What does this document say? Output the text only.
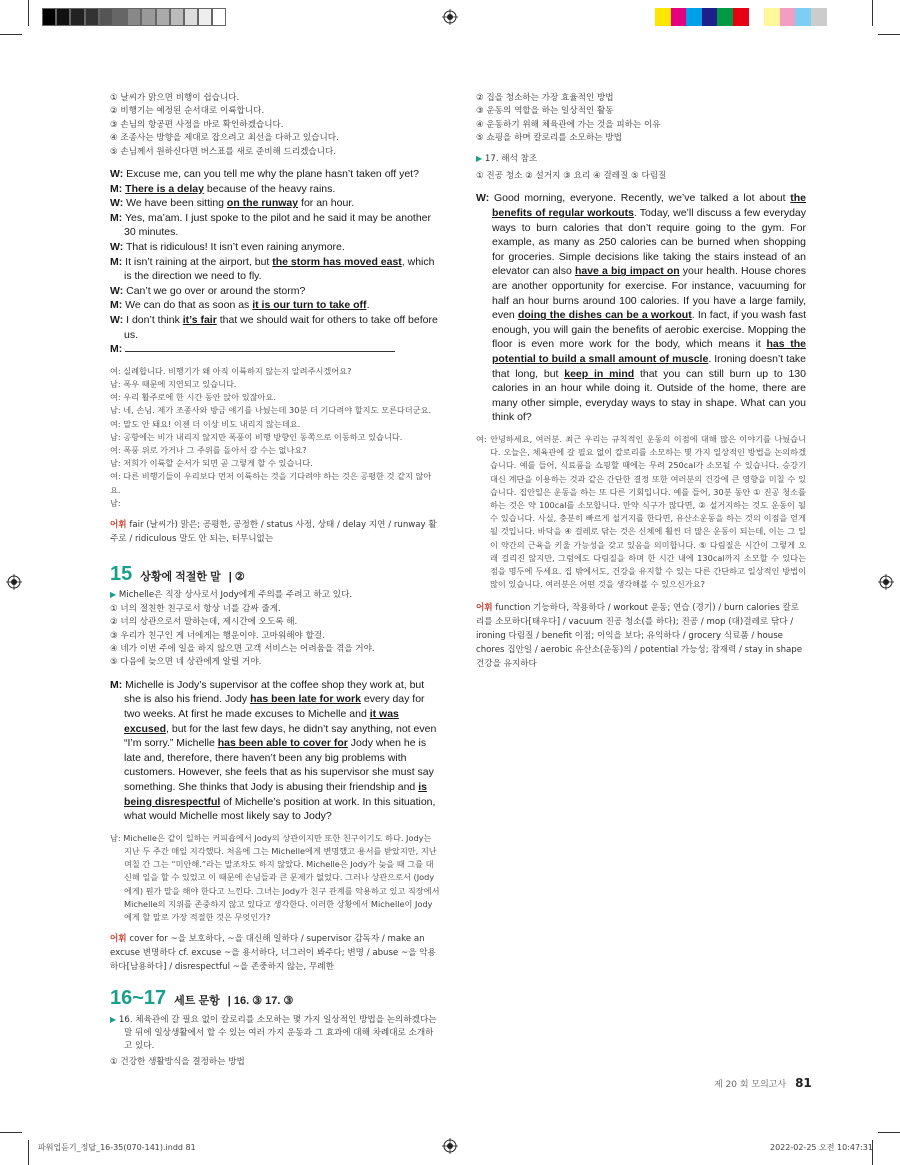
① 날씨가 맑으면 비행이 쉽습니다.

② 비행기는 예정된 순서대로 이륙합니다.

③ 손님의 항공편 사정을 바로 확인하겠습니다.

④ 조종사는 방향을 제대로 잡으려고 최선을 다하고 있습니다.

⑤ 손님께서 원하신다면 버스표를 새로 준비해 드리겠습니다.

W: Excuse me, can you tell me why the plane hasn’t taken off yet?

M: There is a delay because of the heavy rains.

W: We have been sitting on the runway for an hour.

M: Yes, ma’am. I just spoke to the pilot and he said it may be another 30 minutes.

W: That is ridiculous! It isn’t even raining anymore.

M: It isn’t raining at the airport, but the storm has moved east, which is the direction we need to fly.

W: Can’t we go over or around the storm?

M: We can do that as soon as it is our turn to take off.

W: I don’t think it’s fair that we should wait for others to take off before us.

M:

여: 실례합니다. 비행기가 왜 아직 이륙하지 않는지 알려주시겠어요?

남: 폭우 때문에 지연되고 있습니다.

여: 우리 활주로에 한 시간 동안 앉아 있잖아요.

남: 네, 손님. 제가 조종사와 방금 얘기를 나눴는데 30분 더 기다려야 할지도 모른다더군요.

여: 말도 안 돼요! 이젠 더 이상 비도 내리지 않는데요.

남: 공항에는 비가 내리지 않지만 폭풍이 비행 방향인 동쪽으로 이동하고 있습니다.

여: 폭풍 위로 가거나 그 주위를 돌아서 갈 수는 없나요?

남: 저희가 이륙할 순서가 되면 곧 그렇게 할 수 있습니다.

여: 다른 비행기들이 우리보다 먼저 이륙하는 것을 기다려야 하는 것은 공평한 것 같지 않아요.

남:

어휘 fair (날씨가) 맑은; 공평한, 공정한 / status 사정, 상태 / delay 지연 / runway 활주로 / ridiculous 말도 안 되는, 터무니없는
15 상황에 적절한 말 | ②
▶ Michelle은 직장 상사로서 Jody에게 주의를 주려고 하고 있다.

① 너의 절친한 친구로서 항상 너를 감싸 줄게.

② 너의 상관으로서 말하는데, 제시간에 오도록 해.

③ 우리가 친구인 게 너에게는 행운이야. 고마워해야 할걸.

④ 네가 이번 주에 일을 하지 않으면 고객 서비스는 어려움을 겪을 거야.

⑤ 다음에 늦으면 네 상관에게 알릴 거야.

M: Michelle is Jody’s supervisor at the coffee shop they work at, but she is also his friend. Jody has been late for work every day for two weeks. At first he made excuses to Michelle and it was excused, but for the last few days, he didn’t say anything, not even “I’m sorry.” Michelle has been able to cover for Jody when he is late and, therefore, there haven’t been any big problems with customers. However, she feels that as his supervisor she must say something. She thinks that Jody is abusing their friendship and is being disrespectful of Michelle’s position at work. In this situation, what would Michelle most likely say to Jody?
남: Michelle은 같이 일하는 커피숍에서 Jody의 상관이지만 또한 친구이기도 하다. Jody는 지난 두 주간 매일 지각했다. 처음에 그는 Michelle에게 변명했고 용서를 받았지만, 지난 며칠 간 그는 “미안해.”라는 말조차도 하지 않았다. Michelle은 Jody가 늦을 때 그를 대신해 일을 할 수 있었고 이 때문에 손님들과 큰 문제가 없었다. 그러나 상관으로서 (Jody에게) 뭔가 말을 해야 한다고 느낀다. 그녀는 Jody가 친구 관계를 악용하고 있고 직장에서 Michelle의 지위를 존중하지 않고 있다고 생각한다. 이러한 상황에서 Michelle이 Jody에게 할 말로 가장 적절한 것은 무엇인가?
어휘 cover for ~을 보호하다, ~을 대신해 일하다 / supervisor 감독자 / make an excuse 변명하다 cf. excuse ~을 용서하다, 너그러이 봐주다; 변명 / abuse ~을 악용하다[남용하다] / disrespectful ~을 존중하지 않는, 무례한
16~17 세트 문항 | 16. ③ 17. ③
▶ 16. 체육관에 갈 필요 없이 칼로리를 소모하는 몇 가지 일상적인 방법을 논의하겠다는 말 뒤에 일상생활에서 할 수 있는 여러 가지 운동과 그 효과에 대해 차례대로 소개하고 있다.
① 건강한 생활방식을 결정하는 방법

② 집을 청소하는 가장 효율적인 방법

③ 운동의 역할을 하는 일상적인 활동

④ 운동하기 위해 체육관에 가는 것을 피하는 이유

⑤ 쇼핑을 하며 칼로리를 소모하는 방법

▶ 17. 해석 참조
① 진공 청소 ② 설거지 ③ 요리 ④ 걸레질 ⑤ 다림질
W: Good morning, everyone. Recently, we’ve talked a lot about the benefits of regular workouts. Today, we’ll discuss a few everyday ways to burn calories that don’t require going to the gym. For example, as many as 250 calories can be burned when shopping for groceries. Simple decisions like taking the stairs instead of an elevator can also have a big impact on your health. House chores are another opportunity for exercise. For instance, vacuuming for half an hour burns around 100 calories. If you have a large family, even doing the dishes can be a workout. In fact, if you wash fast enough, you will gain the benefits of aerobic exercise. Mopping the floor is even more work for the body, which means it has the potential to build a small amount of muscle. Ironing doesn’t take that long, but keep in mind that you can still burn up to 130 calories in an hour while doing it. Outside of the home, there are many other simple, everyday ways to stay in shape. What can you think of?
여: 안녕하세요, 여러분. 최근 우리는 규칙적인 운동의 이점에 대해 많은 이야기를 나눴습니다. 오늘은, 체육관에 갈 필요 없이 칼로리를 소모하는 몇 가지 일상적인 방법을 논의하겠습니다. 예를 들어, 식료품을 쇼핑할 때에는 무려 250cal가 소모될 수 있습니다. 승강기 대신 계단을 이용하는 것과 같은 간단한 결정 또한 여러분의 건강에 큰 영향을 미칠 수 있습니다. 집안일은 운동을 하는 또 다른 기회입니다. 예를 들어, 30분 동안 ① 진공 청소를 하는 것은 약 100cal를 소모합니다. 만약 식구가 많다면, ② 설거지하는 것도 운동이 될 수 있습니다. 사실, 충분히 빠르게 설거지를 한다면, 유산소운동을 하는 것의 이점을 얻게 될 것입니다. 바닥을 ④ 걸레로 닦는 것은 신체에 훨씬 더 많은 운동이 되는데, 이는 그 일이 약간의 근육을 키울 가능성을 갖고 있음을 의미합니다. ⑤ 다림질은 시간이 그렇게 오래 걸리진 않지만, 그럼에도 다림질을 하며 한 시간 내에 130cal까지 소모할 수 있다는 점을 명두에 두세요. 집 밖에서도, 건강을 유지할 수 있는 다른 간단하고 일상적인 방법이 많이 있습니다. 여러분은 어떤 것을 생각해볼 수 있으신가요?
어휘 function 기능하다, 작용하다 / workout 운동; 연습 (경기) / burn calories 칼로리를 소모하다[태우다] / vacuum 진공 청소(를 하다); 진공 / mop (대)걸레로 닦다 / ironing 다림질 / benefit 이점; 이익을 보다; 유익하다 / grocery 식료품 / house chores 집안일 / aerobic 유산소(운동)의 / potential 가능성; 잠재력 / stay in shape 건강을 유지하다
제 20 회 모의고사 81
파워업듣기_정답_16-35(070-141).indd 81	2022-02-25 오전 10:47:31
